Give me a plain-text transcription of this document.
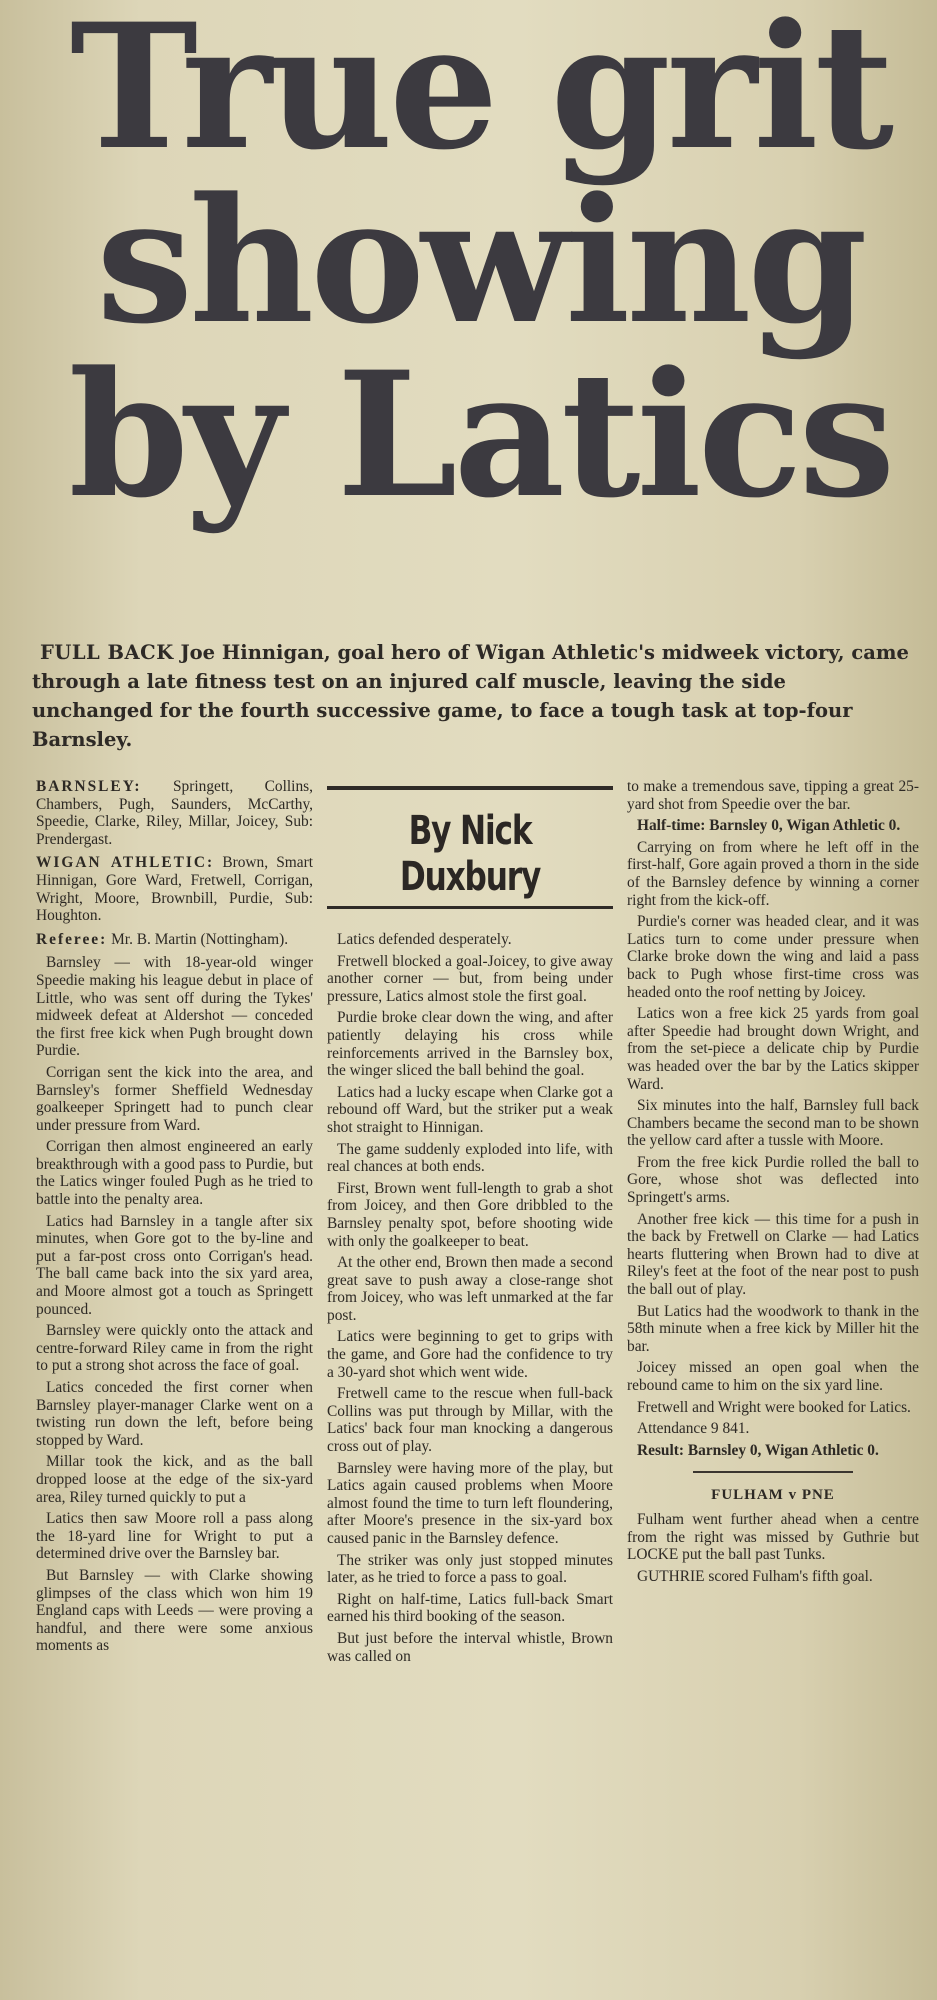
True grit
showing
by Latics
FULL BACK Joe Hinnigan, goal hero of Wigan Athletic's midweek victory, came through a late fitness test on an injured calf muscle, leaving the side unchanged for the fourth successive game, to face a tough task at top-four Barnsley.

BARNSLEY: Springett, Collins, Chambers, Pugh, Saunders, McCarthy, Speedie, Clarke, Riley, Millar, Joicey, Sub: Prendergast.

WIGAN ATHLETIC: Brown, Smart Hinnigan, Gore Ward, Fretwell, Corrigan, Wright, Moore, Brownbill, Purdie, Sub: Houghton.

Referee: Mr. B. Martin (Nottingham).

Barnsley — with 18-year-old winger Speedie making his league debut in place of Little, who was sent off during the Tykes' midweek defeat at Aldershot — conceded the first free kick when Pugh brought down Purdie.

Corrigan sent the kick into the area, and Barnsley's former Sheffield Wednesday goalkeeper Springett had to punch clear under pressure from Ward.

Corrigan then almost engineered an early breakthrough with a good pass to Purdie, but the Latics winger fouled Pugh as he tried to battle into the penalty area.

Latics had Barnsley in a tangle after six minutes, when Gore got to the by-line and put a far-post cross onto Corrigan's head. The ball came back into the six yard area, and Moore almost got a touch as Springett pounced.

Barnsley were quickly onto the attack and centre-forward Riley came in from the right to put a strong shot across the face of goal.

Latics conceded the first corner when Barnsley player-manager Clarke went on a twisting run down the left, before being stopped by Ward.

Millar took the kick, and as the ball dropped loose at the edge of the six-yard area, Riley turned quickly to put a

Latics then saw Moore roll a pass along the 18-yard line for Wright to put a determined drive over the Barnsley bar.

But Barnsley — with Clarke showing glimpses of the class which won him 19 England caps with Leeds — were proving a handful, and there were some anxious moments as

By Nick Duxbury

Latics defended desperately.

Fretwell blocked a goal-Joicey, to give away another corner — but, from being under pressure, Latics almost stole the first goal.

Purdie broke clear down the wing, and after patiently delaying his cross while reinforcements arrived in the Barnsley box, the winger sliced the ball behind the goal.

Latics had a lucky escape when Clarke got a rebound off Ward, but the striker put a weak shot straight to Hinnigan.

The game suddenly exploded into life, with real chances at both ends.

First, Brown went full-length to grab a shot from Joicey, and then Gore dribbled to the Barnsley penalty spot, before shooting wide with only the goalkeeper to beat.

At the other end, Brown then made a second great save to push away a close-range shot from Joicey, who was left unmarked at the far post.

Latics were beginning to get to grips with the game, and Gore had the confidence to try a 30-yard shot which went wide.

Fretwell came to the rescue when full-back Collins was put through by Millar, with the Latics' back four man knocking a dangerous cross out of play.

Barnsley were having more of the play, but Latics again caused problems when Moore almost found the time to turn left floundering, after Moore's presence in the six-yard box caused panic in the Barnsley defence.

The striker was only just stopped minutes later, as he tried to force a pass to goal.

Right on half-time, Latics full-back Smart earned his third booking of the season.

But just before the interval whistle, Brown was called on

to make a tremendous save, tipping a great 25-yard shot from Speedie over the bar.

Half-time: Barnsley 0, Wigan Athletic 0.

Carrying on from where he left off in the first-half, Gore again proved a thorn in the side of the Barnsley defence by winning a corner right from the kick-off.

Purdie's corner was headed clear, and it was Latics turn to come under pressure when Clarke broke down the wing and laid a pass back to Pugh whose first-time cross was headed onto the roof netting by Joicey.

Latics won a free kick 25 yards from goal after Speedie had brought down Wright, and from the set-piece a delicate chip by Purdie was headed over the bar by the Latics skipper Ward.

Six minutes into the half, Barnsley full back Chambers became the second man to be shown the yellow card after a tussle with Moore.

From the free kick Purdie rolled the ball to Gore, whose shot was deflected into Springett's arms.

Another free kick — this time for a push in the back by Fretwell on Clarke — had Latics hearts fluttering when Brown had to dive at Riley's feet at the foot of the near post to push the ball out of play.

But Latics had the woodwork to thank in the 58th minute when a free kick by Miller hit the bar.

Joicey missed an open goal when the rebound came to him on the six yard line.

Fretwell and Wright were booked for Latics.

Attendance 9 841.

Result: Barnsley 0, Wigan Athletic 0.

FULHAM v PNE

Fulham went further ahead when a centre from the right was missed by Guthrie but LOCKE put the ball past Tunks.

GUTHRIE scored Fulham's fifth goal.
